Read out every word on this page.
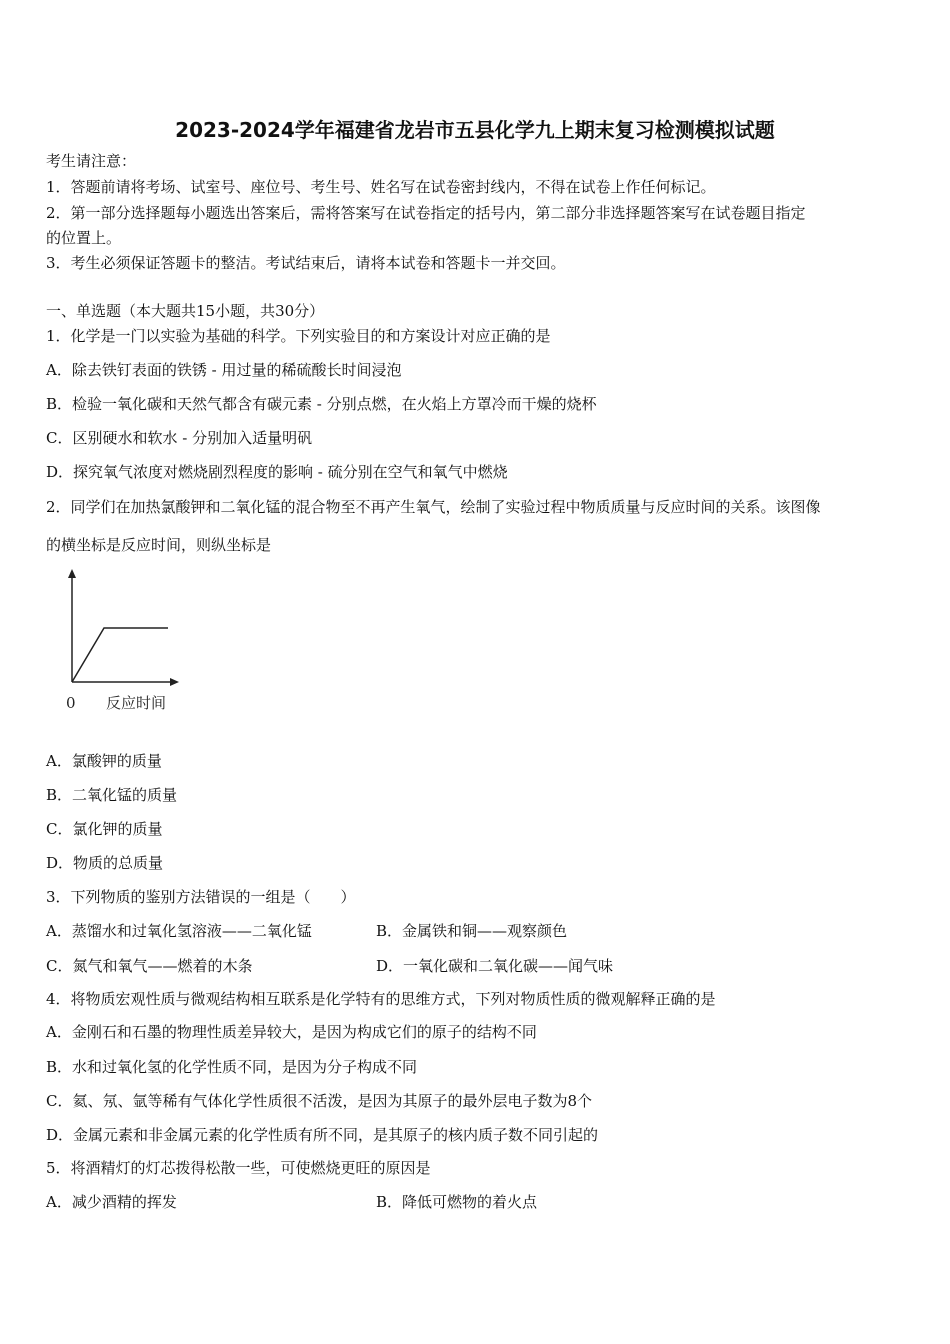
2023-2024学年福建省龙岩市五县化学九上期末复习检测模拟试题
考生请注意：
1．答题前请将考场、试室号、座位号、考生号、姓名写在试卷密封线内，不得在试卷上作任何标记。
2．第一部分选择题每小题选出答案后，需将答案写在试卷指定的括号内，第二部分非选择题答案写在试卷题目指定
的位置上。
3．考生必须保证答题卡的整洁。考试结束后，请将本试卷和答题卡一并交回。
一、单选题（本大题共15小题，共30分）
1．化学是一门以实验为基础的科学。下列实验目的和方案设计对应正确的是
A．除去铁钉表面的铁锈 - 用过量的稀硫酸长时间浸泡
B．检验一氧化碳和天然气都含有碳元素 - 分别点燃，在火焰上方罩冷而干燥的烧杯
C．区别硬水和软水 - 分别加入适量明矾
D．探究氧气浓度对燃烧剧烈程度的影响 - 硫分别在空气和氧气中燃烧
2．同学们在加热氯酸钾和二氧化锰的混合物至不再产生氧气，绘制了实验过程中物质质量与反应时间的关系。该图像
的横坐标是反应时间，则纵坐标是
0 反应时间
A．氯酸钾的质量
B．二氧化锰的质量
C．氯化钾的质量
D．物质的总质量
3．下列物质的鉴别方法错误的一组是（　　）
A．蒸馏水和过氧化氢溶液——二氧化锰	B．金属铁和铜——观察颜色
C．氮气和氧气——燃着的木条	D．一氧化碳和二氧化碳——闻气味
4．将物质宏观性质与微观结构相互联系是化学特有的思维方式，下列对物质性质的微观解释正确的是
A．金刚石和石墨的物理性质差异较大，是因为构成它们的原子的结构不同
B．水和过氧化氢的化学性质不同，是因为分子构成不同
C．氦、氖、氩等稀有气体化学性质很不活泼，是因为其原子的最外层电子数为8个
D．金属元素和非金属元素的化学性质有所不同，是其原子的核内质子数不同引起的
5．将酒精灯的灯芯拨得松散一些，可使燃烧更旺的原因是
A．减少酒精的挥发	B．降低可燃物的着火点
